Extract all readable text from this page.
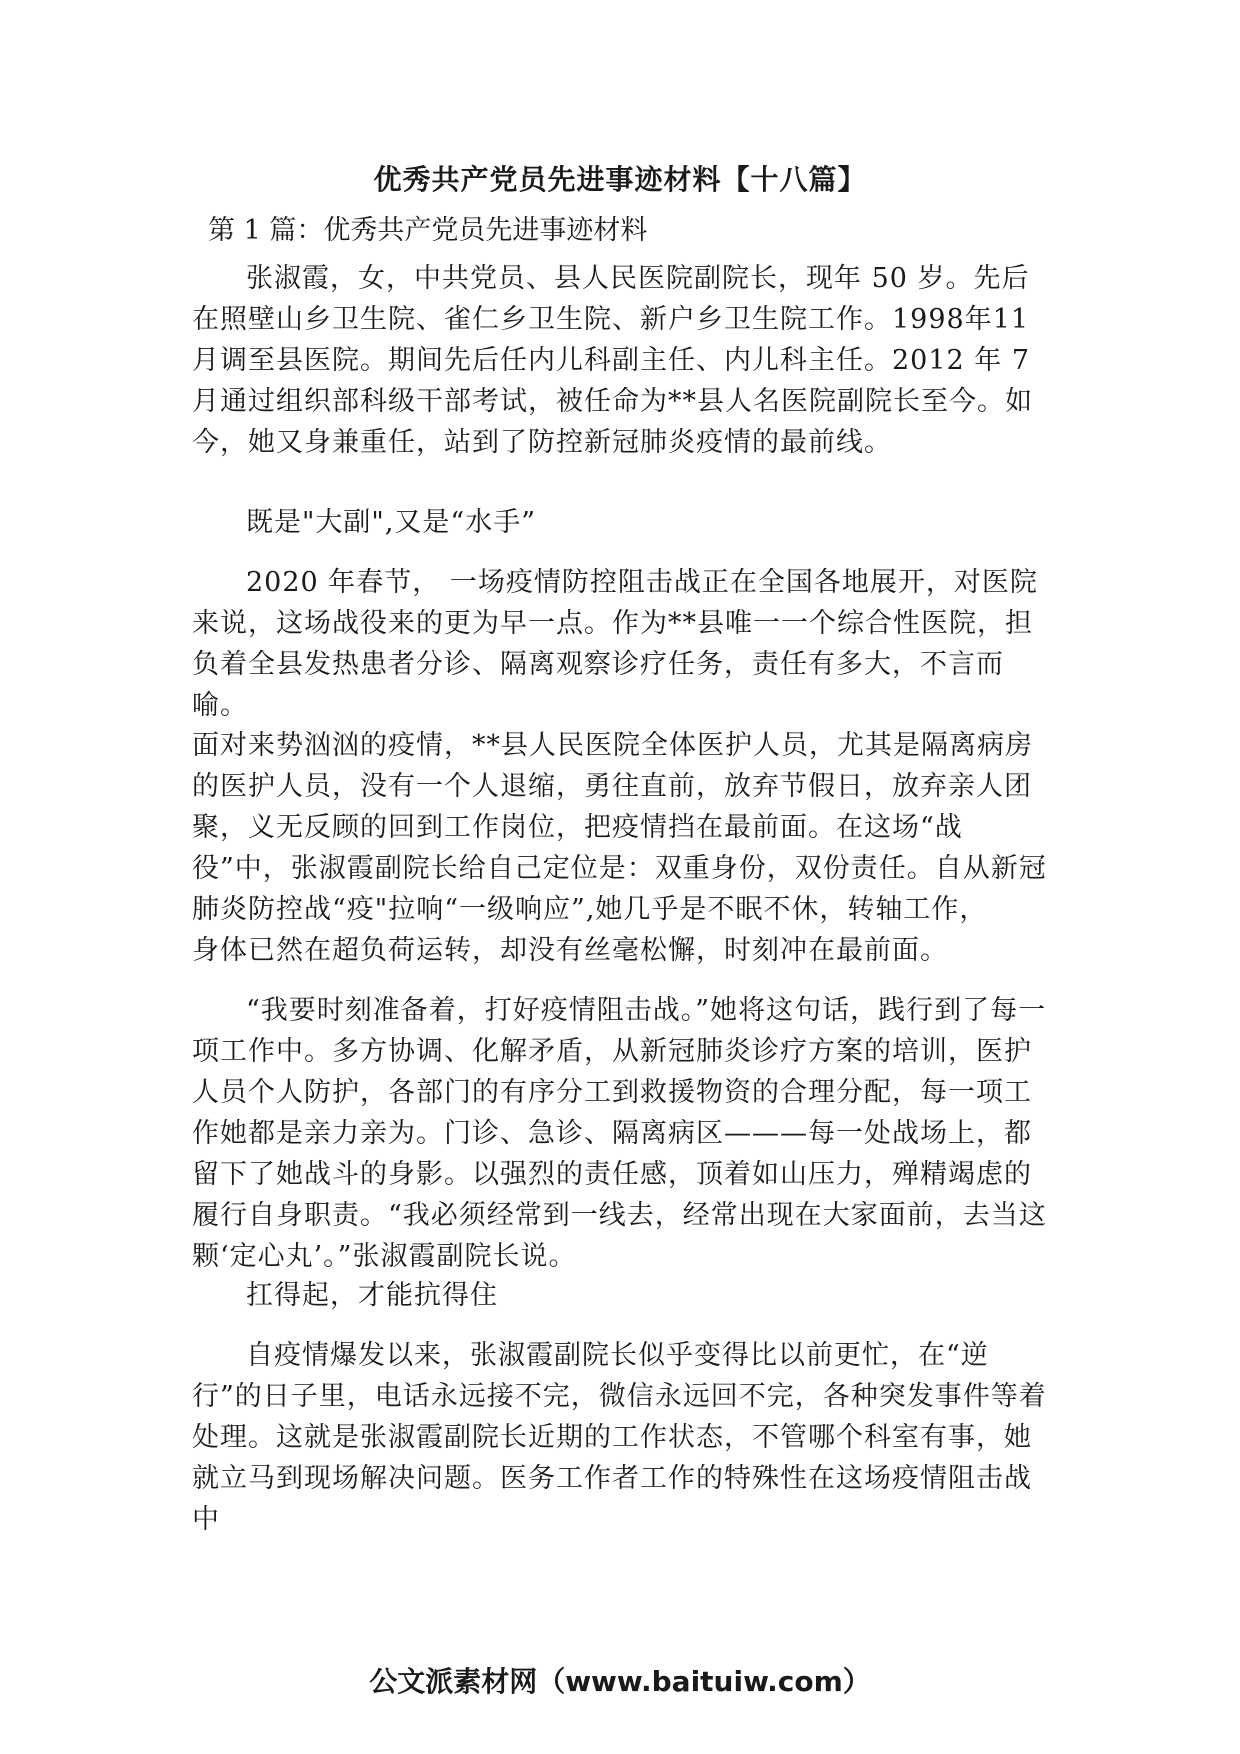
优秀共产党员先进事迹材料【十八篇】
第 1 篇：优秀共产党员先进事迹材料

张淑霞，女，中共党员、县人民医院副院长，现年 50 岁。先后 在照壁山乡卫生院、雀仁乡卫生院、新户乡卫生院工作。1998年11 月调至县医院。期间先后任内儿科副主任、内儿科主任。2012 年 7 月通过组织部科级干部考试，被任命为**县人名医院副院长至今。如 今，她又身兼重任，站到了防控新冠肺炎疫情的最前线。

既是"大副",又是“水手”

2020 年春节， 一场疫情防控阻击战正在全国各地展开，对医院 来说，这场战役来的更为早一点。作为**县唯一一个综合性医院，担 负着全县发热患者分诊、隔离观察诊疗任务，责任有多大，不言而喻。

面对来势汹汹的疫情，**县人民医院全体医护人员，尤其是隔离病房的医护人员，没有一个人退缩，勇往直前，放弃节假日，放弃亲人团聚，义无反顾的回到工作岗位，把疫情挡在最前面。在这场“战役”中，张淑霞副院长给自己定位是：双重身份，双份责任。自从新冠肺炎防控战“疫"拉响“一级响应”,她几乎是不眠不休，转轴工作，

身体已然在超负荷运转，却没有丝毫松懈，时刻冲在最前面。

“我要时刻准备着，打好疫情阻击战。”她将这句话，践行到了每一项工作中。多方协调、化解矛盾，从新冠肺炎诊疗方案的培训，医护人员个人防护，各部门的有序分工到救援物资的合理分配，每一项工作她都是亲力亲为。门诊、急诊、隔离病区———每一处战场上，都留下了她战斗的身影。以强烈的责任感，顶着如山压力，殚精竭虑的履行自身职责。“我必须经常到一线去，经常出现在大家面前，去当这颗‘定心丸’。”张淑霞副院长说。

扛得起，才能抗得住

自疫情爆发以来，张淑霞副院长似乎变得比以前更忙，在“逆行”的日子里，电话永远接不完，微信永远回不完，各种突发事件等着处理。这就是张淑霞副院长近期的工作状态，不管哪个科室有事，她就立马到现场解决问题。医务工作者工作的特殊性在这场疫情阻击战中

公文派素材网（www.baituiw.com）
